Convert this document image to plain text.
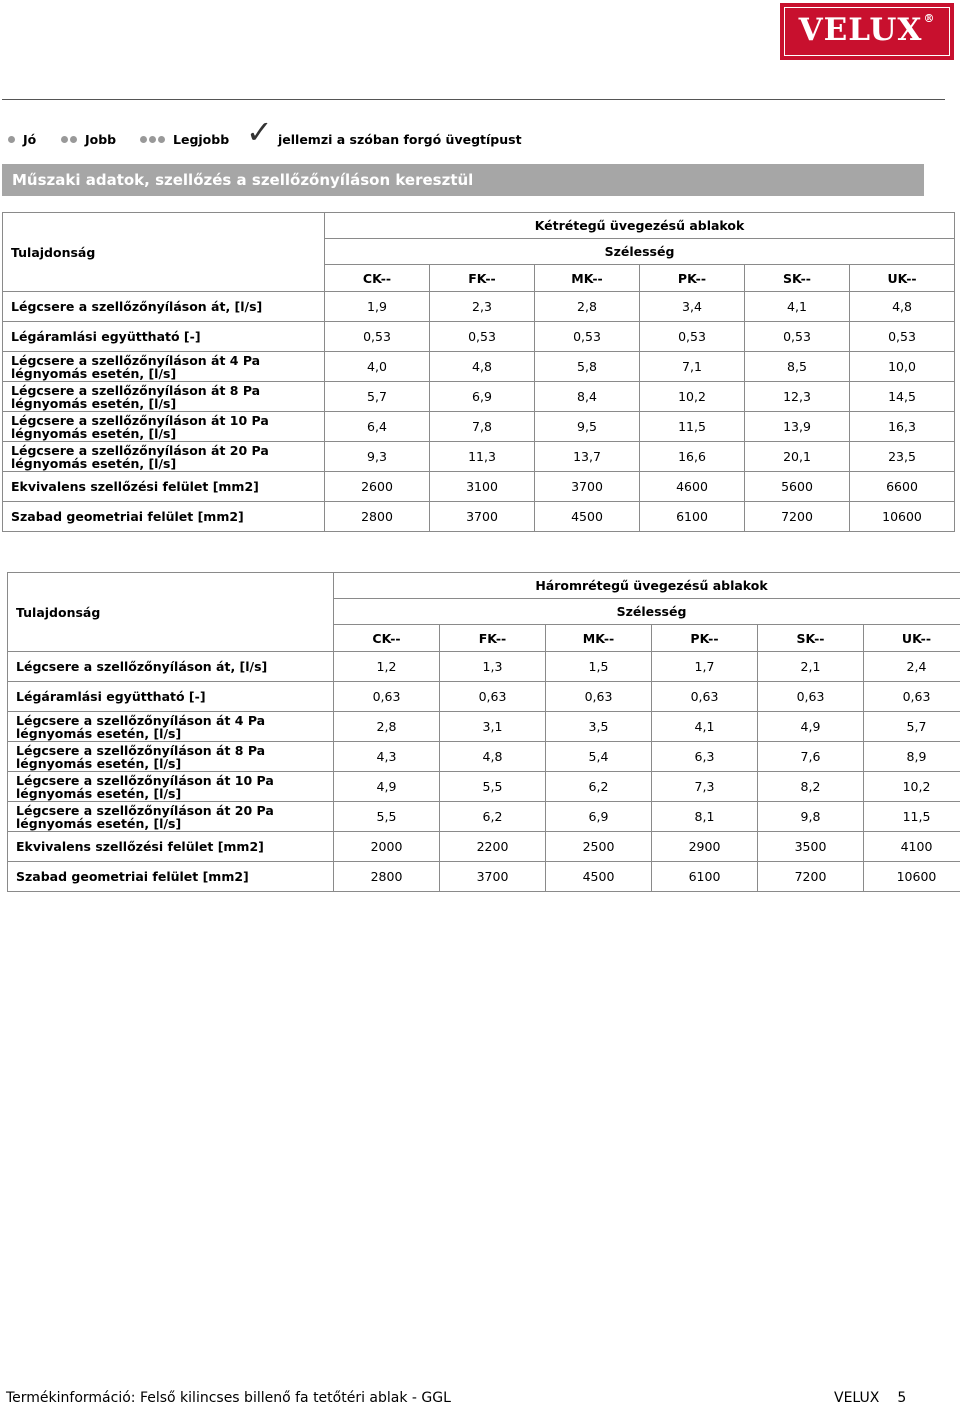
VELUX®
Jó	Jobb	Legjobb ✓ jellemzi a szóban forgó üvegtípust
Műszaki adatok, szellőzés a szellőzőnyíláson keresztül
Tulajdonság	Kétrétegű üvegezésű ablakok					
	Szélesség					
	CK--	FK--	MK--	PK--	SK--	UK--
Légcsere a szellőzőnyíláson át, [l/s]	1,9	2,3	2,8	3,4	4,1	4,8
Légáramlási együttható [-]	0,53	0,53	0,53	0,53	0,53	0,53
Légcsere a szellőzőnyíláson át 4 Pa légnyomás esetén, [l/s]	4,0	4,8	5,8	7,1	8,5	10,0
Légcsere a szellőzőnyíláson át 8 Pa légnyomás esetén, [l/s]	5,7	6,9	8,4	10,2	12,3	14,5
Légcsere a szellőzőnyíláson át 10 Pa légnyomás esetén, [l/s]	6,4	7,8	9,5	11,5	13,9	16,3
Légcsere a szellőzőnyíláson át 20 Pa légnyomás esetén, [l/s]	9,3	11,3	13,7	16,6	20,1	23,5
Ekvivalens szellőzési felület [mm2]	2600	3100	3700	4600	5600	6600
Szabad geometriai felület [mm2]	2800	3700	4500	6100	7200	10600
Tulajdonság	Háromrétegű üvegezésű ablakok					
	Szélesség					
	CK--	FK--	MK--	PK--	SK--	UK--
Légcsere a szellőzőnyíláson át, [l/s]	1,2	1,3	1,5	1,7	2,1	2,4
Légáramlási együttható [-]	0,63	0,63	0,63	0,63	0,63	0,63
Légcsere a szellőzőnyíláson át 4 Pa légnyomás esetén, [l/s]	2,8	3,1	3,5	4,1	4,9	5,7
Légcsere a szellőzőnyíláson át 8 Pa légnyomás esetén, [l/s]	4,3	4,8	5,4	6,3	7,6	8,9
Légcsere a szellőzőnyíláson át 10 Pa légnyomás esetén, [l/s]	4,9	5,5	6,2	7,3	8,2	10,2
Légcsere a szellőzőnyíláson át 20 Pa légnyomás esetén, [l/s]	5,5	6,2	6,9	8,1	9,8	11,5
Ekvivalens szellőzési felület [mm2]	2000	2200	2500	2900	3500	4100
Szabad geometriai felület [mm2]	2800	3700	4500	6100	7200	10600
Termékinformáció: Felső kilincses billenő fa tetőtéri ablak - GGL	VELUX 5
